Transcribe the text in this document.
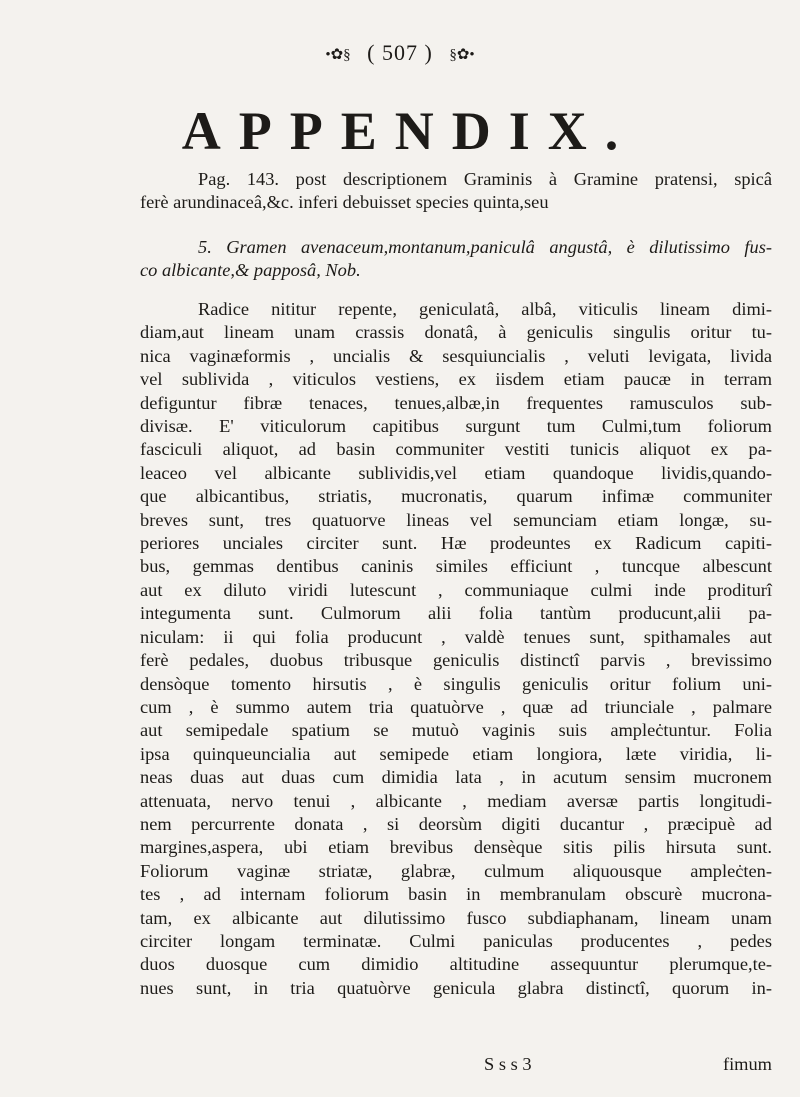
•✿§ ( 507 ) §✿•
APPENDIX.
Pag. 143. post descriptionem Graminis à Gramine pratensi, spicâ
ferè arundinaceâ,&c. inferi debuisset species quinta,seu
5. Gramen avenaceum,montanum,paniculâ angustâ, è dilutissimo fus-
co albicante,& papposâ, Nob.
Radice nititur repente, geniculatâ, albâ, viticulis lineam dimi-
diam,aut lineam unam crassis donatâ, à geniculis singulis oritur tu-
nica vaginæformis , uncialis & sesquiuncialis , veluti levigata, livida
vel sublivida , viticulos vestiens, ex iisdem etiam paucæ in terram
defiguntur fibræ tenaces, tenues,albæ,in frequentes ramusculos sub-
divisæ. E' viticulorum capitibus surgunt tum Culmi,tum foliorum
fasciculi aliquot, ad basin communiter vestiti tunicis aliquot ex pa-
leaceo vel albicante sublividis,vel etiam quandoque lividis,quando-
que albicantibus, striatis, mucronatis, quarum infimæ communiter
breves sunt, tres quatuorve lineas vel semunciam etiam longæ, su-
periores unciales circiter sunt. Hæ prodeuntes ex Radicum capiti-
bus, gemmas dentibus caninis similes efficiunt , tuncque albescunt
aut ex diluto viridi lutescunt , communiaque culmi inde proditurî
integumenta sunt. Culmorum alii folia tantùm producunt,alii pa-
niculam: ii qui folia producunt , valdè tenues sunt, spithamales aut
ferè pedales, duobus tribusque geniculis distinctî parvis , brevissimo
densòque tomento hirsutis , è singulis geniculis oritur folium uni-
cum , è summo autem tria quatuòrve , quæ ad triunciale , palmare
aut semipedale spatium se mutuò vaginis suis ampleċtuntur. Folia
ipsa quinqueuncialia aut semipede etiam longiora, læte viridia, li-
neas duas aut duas cum dimidia lata , in acutum sensim mucronem
attenuata, nervo tenui , albicante , mediam aversæ partis longitudi-
nem percurrente donata , si deorsùm digiti ducantur , præcipuè ad
margines,aspera, ubi etiam brevibus densèque sitis pilis hirsuta sunt.
Foliorum vaginæ striatæ, glabræ, culmum aliquousque ampleċten-
tes , ad internam foliorum basin in membranulam obscurè mucrona-
tam, ex albicante aut dilutissimo fusco subdiaphanam, lineam unam
circiter longam terminatæ. Culmi paniculas producentes , pedes
duos duosque cum dimidio altitudine assequuntur plerumque,te-
nues sunt, in tria quatuòrve genicula glabra distinctî, quorum in-
S s s 3	fimum
